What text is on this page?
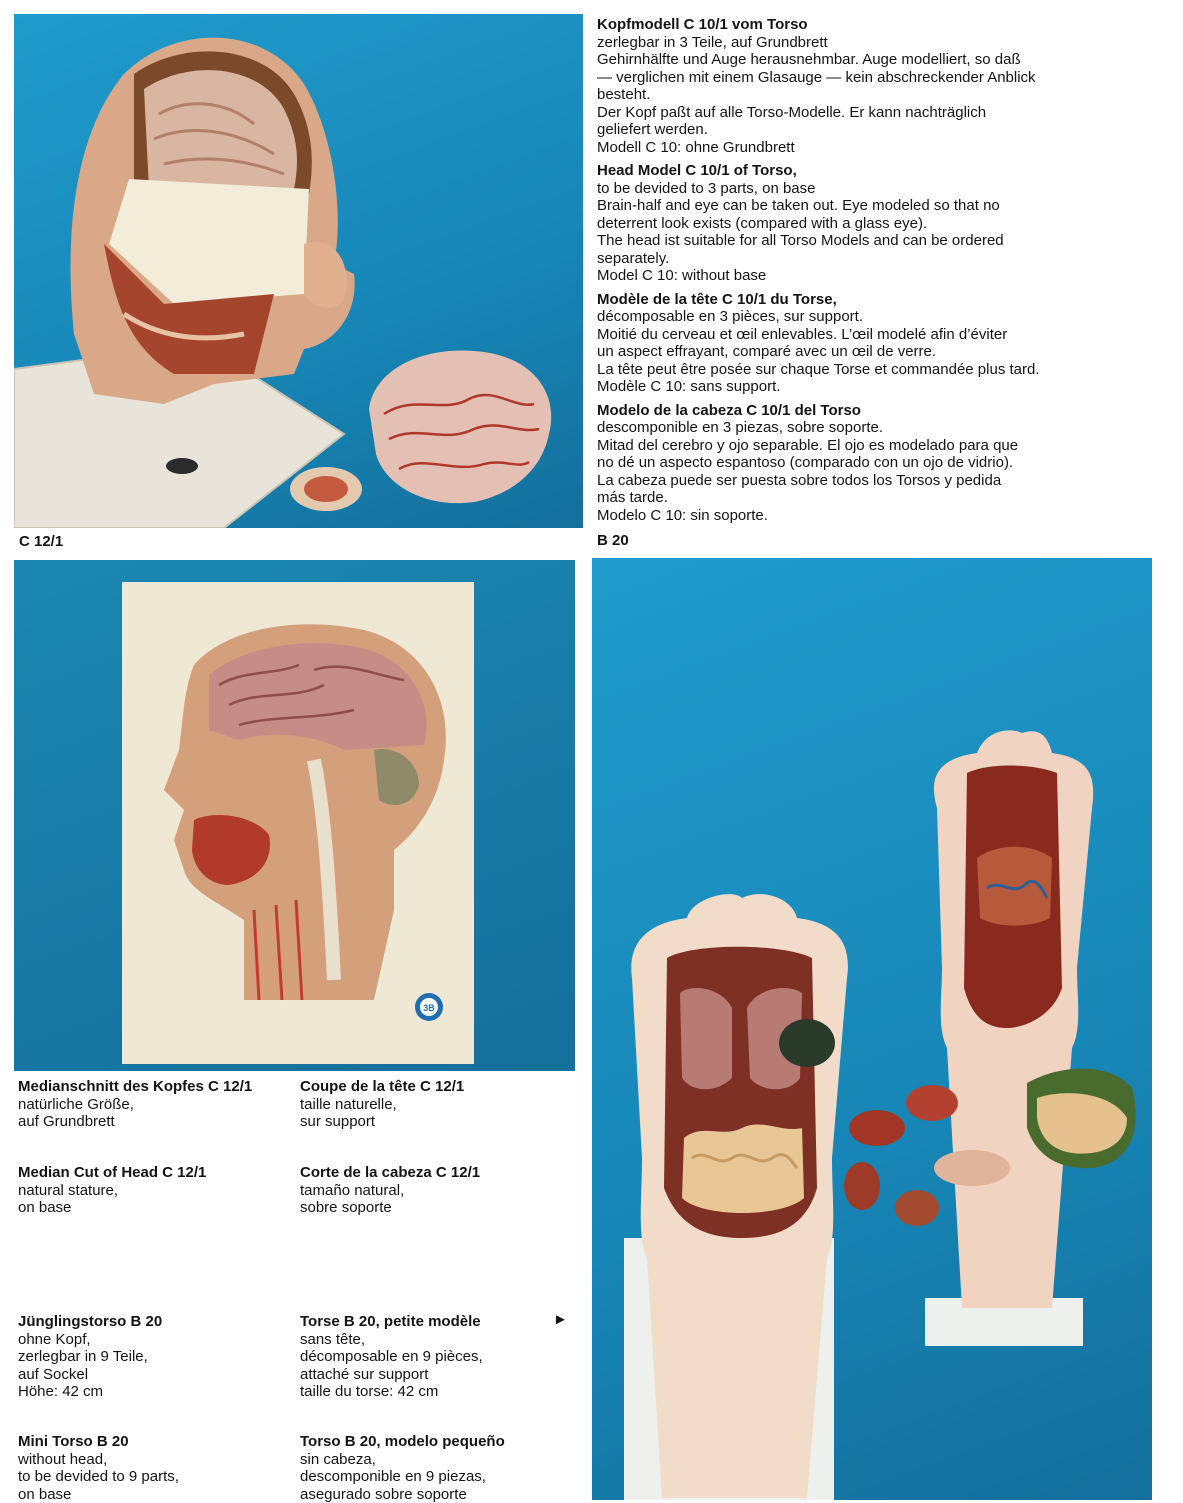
C 12/1	B 20

Kopfmodell C 10/1 vom Torso
zerlegbar in 3 Teile, auf Grundbrett
Gehirnhälfte und Auge herausnehmbar. Auge modelliert, so daß
— verglichen mit einem Glasauge — kein abschreckender Anblick
besteht.
Der Kopf paßt auf alle Torso-Modelle. Er kann nachträglich
geliefert werden.
Modell C 10: ohne Grundbrett

Head Model C 10/1 of Torso,
to be devided to 3 parts, on base
Brain-half and eye can be taken out. Eye modeled so that no
deterrent look exists (compared with a glass eye).
The head ist suitable for all Torso Models and can be ordered
separately.
Model C 10: without base

Modèle de la tête C 10/1 du Torse,
décomposable en 3 pièces, sur support.
Moitié du cerveau et œil enlevables. L’œil modelé afin d’éviter
un aspect effrayant, comparé avec un œil de verre.
La tête peut être posée sur chaque Torse et commandée plus tard.
Modèle C 10: sans support.

Modelo de la cabeza C 10/1 del Torso
descomponible en 3 piezas, sobre soporte.
Mitad del cerebro y ojo separable. El ojo es modelado para que
no dé un aspecto espantoso (comparado con un ojo de vidrio).
La cabeza puede ser puesta sobre todos los Torsos y pedida
más tarde.
Modelo C 10: sin soporte.

3B
Medianschnitt des Kopfes C 12/1
natürliche Größe,
auf Grundbrett
Coupe de la tête C 12/1
taille naturelle,
sur support
Median Cut of Head C 12/1
natural stature,
on base
Corte de la cabeza C 12/1
tamaño natural,
sobre soporte
Jünglingstorso B 20
ohne Kopf,
zerlegbar in 9 Teile,
auf Sockel
Höhe: 42 cm
Torse B 20, petite modèle
sans tête,
décomposable en 9 pièces,
attaché sur support
taille du torse: 42 cm
►
Mini Torso B 20
without head,
to be devided to 9 parts,
on base
Torso B 20, modelo pequeño
sin cabeza,
descomponible en 9 piezas,
asegurado sobre soporte
